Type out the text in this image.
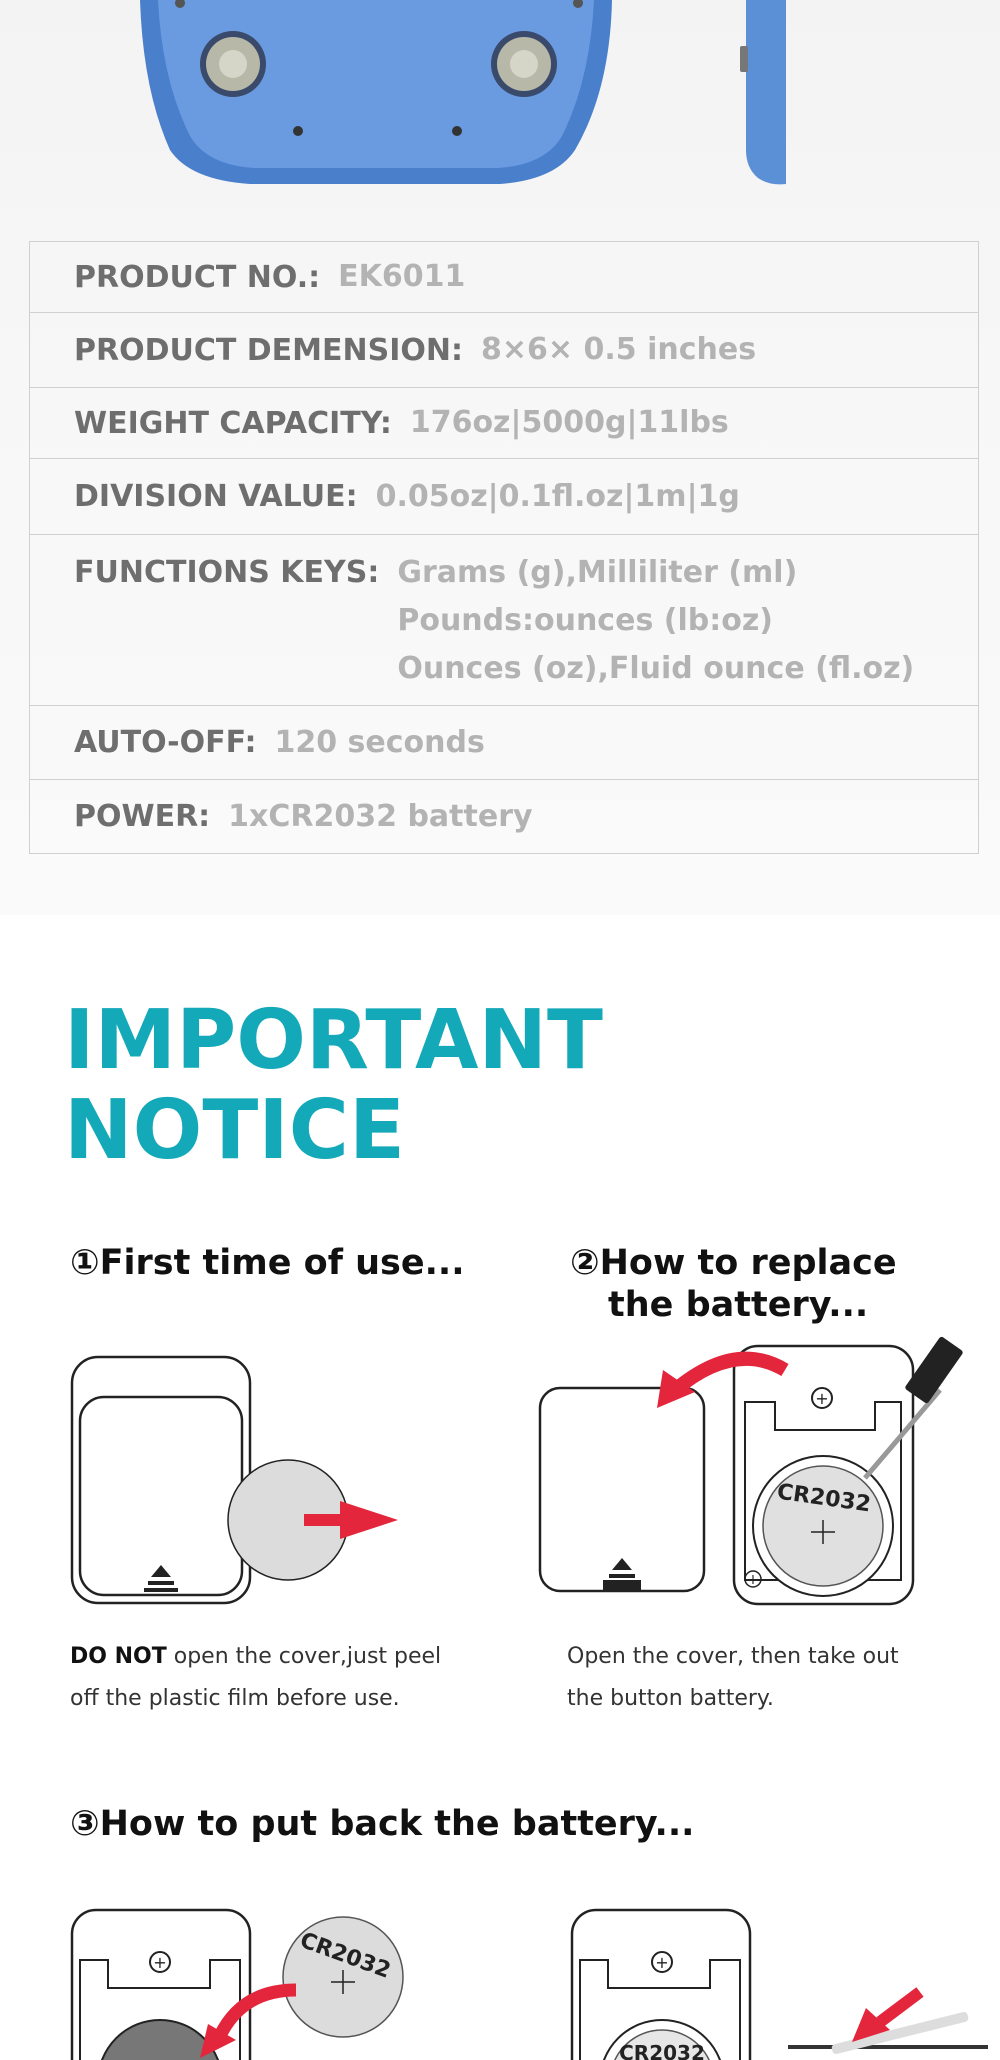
PRODUCT NO.: EK6011
PRODUCT DEMENSION: 8×6× 0.5 inches
WEIGHT CAPACITY: 176oz|5000g|11lbs
DIVISION VALUE: 0.05oz|0.1fl.oz|1m|1g
FUNCTIONS KEYS: Grams (g),Milliliter (ml)
Pounds:ounces (lb:oz)
Ounces (oz),Fluid ounce (fl.oz)
AUTO-OFF: 120 seconds
POWER: 1xCR2032 battery
IMPORTANT
NOTICE
①First time of use...
DO NOT open the cover,just peel
off the plastic film before use.
②How to replace
the battery...
+
CR2032
+
Open the cover, then take out
the button battery.
③How to put back the battery...
+	CR2032	+
CR2032
